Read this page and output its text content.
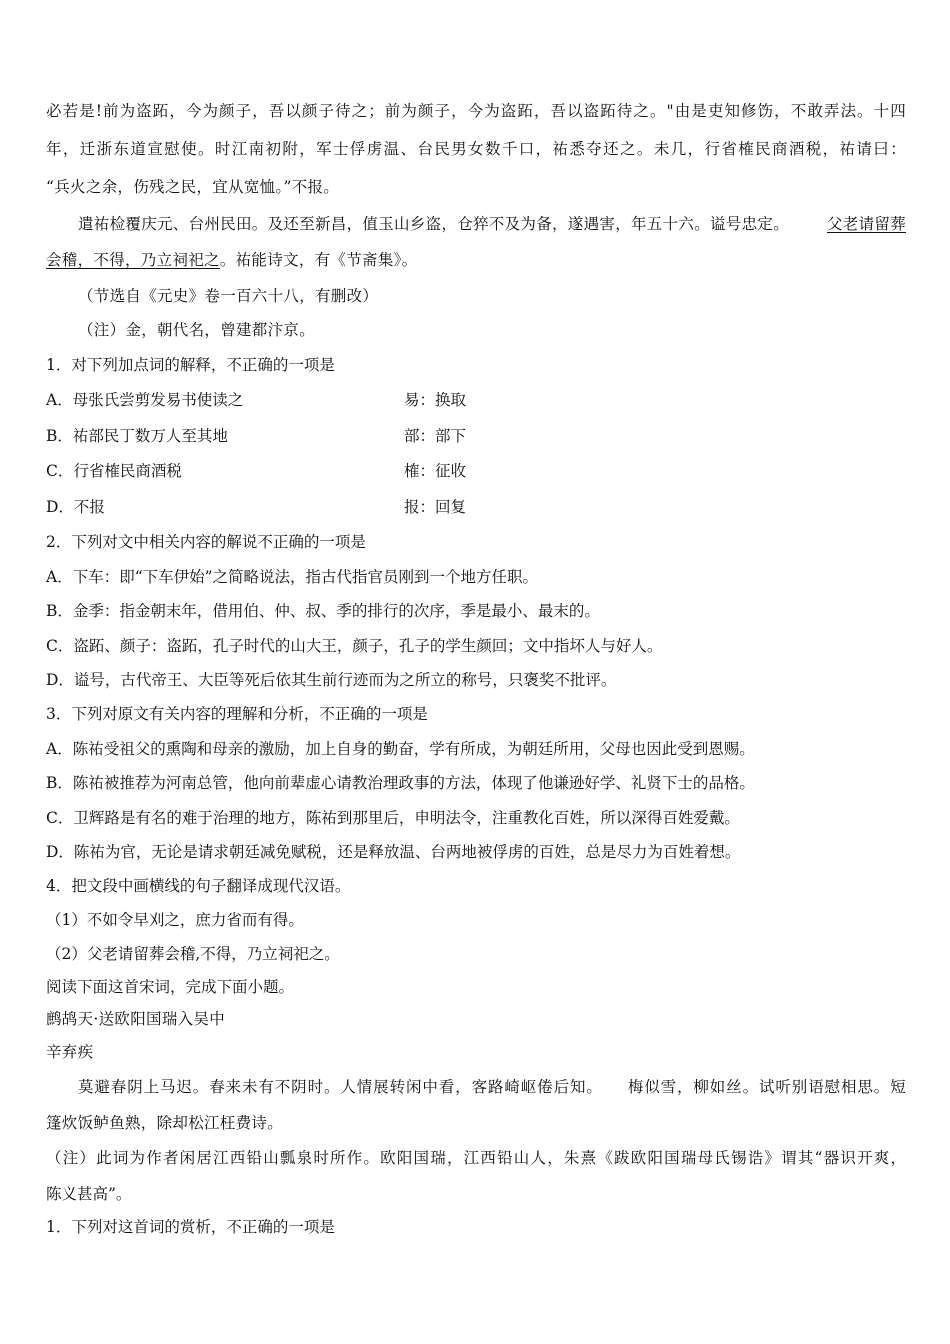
必若是!前为盗跖，今为颜子，吾以颜子待之；前为颜子，今为盗跖，吾以盗跖待之。"由是吏知修饬，不敢弄法。十四
年，迁浙东道宣慰使。时江南初附，军士俘虏温、台民男女数千口，祐悉夺还之。未几，行省榷民商酒税，祐请曰：
“兵火之余，伤残之民，宜从宽恤。”不报。
遣祐检覆庆元、台州民田。及还至新昌，值玉山乡盗，仓猝不及为备，遂遇害，年五十六。谥号忠定。 父老请留葬
会稽，不得，乃立祠祀之。祐能诗文，有《节斋集》。
（节选自《元史》卷一百六十八，有删改）
（注）金，朝代名，曾建都汴京。
1．对下列加点词的解释，不正确的一项是
A．母张氏尝剪发易书使读之	易：换取
B．祐部民丁数万人至其地	部：部下
C．行省榷民商酒税	榷：征收
D．不报	报：回复
2．下列对文中相关内容的解说不正确的一项是
A．下车：即“下车伊始”之简略说法，指古代指官员刚到一个地方任职。
B．金季：指金朝末年，借用伯、仲、叔、季的排行的次序，季是最小、最末的。
C．盗跖、颜子：盗跖，孔子时代的山大王，颜子，孔子的学生颜回；文中指坏人与好人。
D．谥号，古代帝王、大臣等死后依其生前行迹而为之所立的称号，只褒奖不批评。
3．下列对原文有关内容的理解和分析，不正确的一项是
A．陈祐受祖父的熏陶和母亲的激励，加上自身的勤奋，学有所成，为朝廷所用，父母也因此受到恩赐。
B．陈祐被推荐为河南总管，他向前辈虚心请教治理政事的方法，体现了他谦逊好学、礼贤下士的品格。
C．卫辉路是有名的难于治理的地方，陈祐到那里后，申明法令，注重教化百姓，所以深得百姓爱戴。
D．陈祐为官，无论是请求朝廷减免赋税，还是释放温、台两地被俘虏的百姓，总是尽力为百姓着想。
4．把文段中画横线的句子翻译成现代汉语。
（1）不如令早刈之，庶力省而有得。
（2）父老请留葬会稽,不得，乃立祠祀之。
阅读下面这首宋词，完成下面小题。
鹧鸪天·送欧阳国瑞入吴中
辛弃疾
莫避春阴上马迟。春来未有不阴时。人情展转闲中看，客路崎岖倦后知。　　梅似雪，柳如丝。试听别语慰相思。短
篷炊饭鲈鱼熟，除却松江枉费诗。
（注）此词为作者闲居江西铅山瓢泉时所作。欧阳国瑞，江西铅山人，朱熹《跋欧阳国瑞母氏锡诰》谓其“器识开爽，
陈义甚高”。
1．下列对这首词的赏析，不正确的一项是
